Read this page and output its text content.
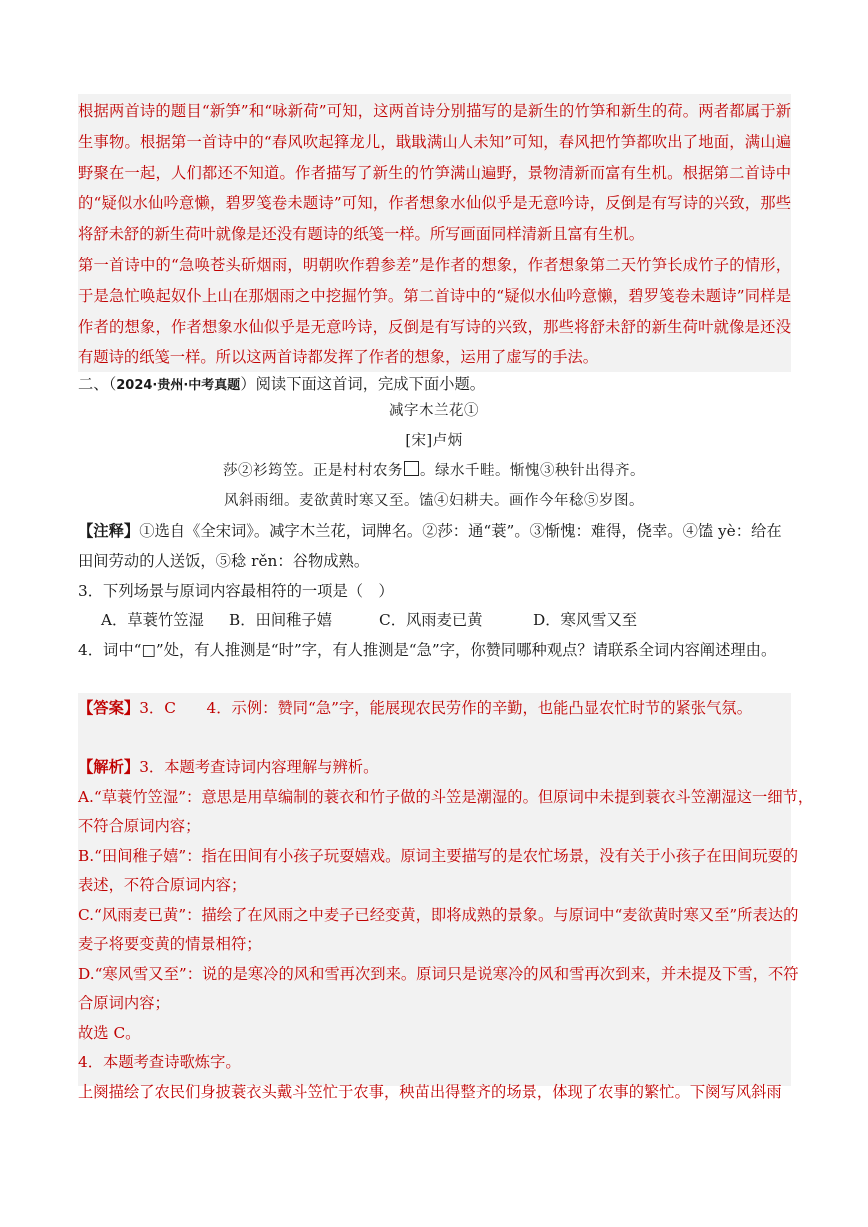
根据两首诗的题目“新笋”和“咏新荷”可知，这两首诗分别描写的是新生的竹笋和新生的荷。两者都属于新生事物。根据第一首诗中的“春风吹起箨龙儿，戢戢满山人未知”可知，春风把竹笋都吹出了地面，满山遍野聚在一起，人们都还不知道。作者描写了新生的竹笋满山遍野，景物清新而富有生机。根据第二首诗中的“疑似水仙吟意懒，碧罗笺卷未题诗”可知，作者想象水仙似乎是无意吟诗，反倒是有写诗的兴致，那些将舒未舒的新生荷叶就像是还没有题诗的纸笺一样。所写画面同样清新且富有生机。

第一首诗中的“急唤苍头斫烟雨，明朝吹作碧参差”是作者的想象，作者想象第二天竹笋长成竹子的情形，于是急忙唤起奴仆上山在那烟雨之中挖掘竹笋。第二首诗中的“疑似水仙吟意懒，碧罗笺卷未题诗”同样是作者的想象，作者想象水仙似乎是无意吟诗，反倒是有写诗的兴致，那些将舒未舒的新生荷叶就像是还没有题诗的纸笺一样。所以这两首诗都发挥了作者的想象，运用了虚写的手法。

二、（2024·贵州·中考真题）阅读下面这首词，完成下面小题。
减字木兰花①
[宋]卢炳
莎②衫筠笠。正是村村农务 。绿水千畦。惭愧③秧针出得齐。
风斜雨细。麦欲黄时寒又至。馌④妇耕夫。画作今年稔⑤岁图。
【注释】①选自《全宋词》。减字木兰花，词牌名。②莎：通“蓑”。③惭愧：难得，侥幸。④馌 yè：给在
田间劳动的人送饭，⑤稔 rěn：谷物成熟。
3．下列场景与原词内容最相符的一项是（　）
A．草蓑竹笠湿 B．田间稚子嬉	C．风雨麦已黄	D．寒风雪又至
4．词中“□”处，有人推测是“时”字，有人推测是“急”字，你赞同哪种观点？请联系全词内容阐述理由。
【答案】3．C　　4．示例：赞同“急”字，能展现农民劳作的辛勤，也能凸显农忙时节的紧张气氛。
【解析】3．本题考查诗词内容理解与辨析。
A.“草蓑竹笠湿”：意思是用草编制的蓑衣和竹子做的斗笠是潮湿的。但原词中未提到蓑衣斗笠潮湿这一细节，
不符合原词内容；
B.“田间稚子嬉”：指在田间有小孩子玩耍嬉戏。原词主要描写的是农忙场景，没有关于小孩子在田间玩耍的
表述，不符合原词内容；
C.“风雨麦已黄”：描绘了在风雨之中麦子已经变黄，即将成熟的景象。与原词中“麦欲黄时寒又至”所表达的
麦子将要变黄的情景相符；
D.“寒风雪又至”：说的是寒冷的风和雪再次到来。原词只是说寒冷的风和雪再次到来，并未提及下雪，不符
合原词内容；
故选 C。
4．本题考查诗歌炼字。
上阕描绘了农民们身披蓑衣头戴斗笠忙于农事，秧苗出得整齐的场景，体现了农事的繁忙。下阕写风斜雨
